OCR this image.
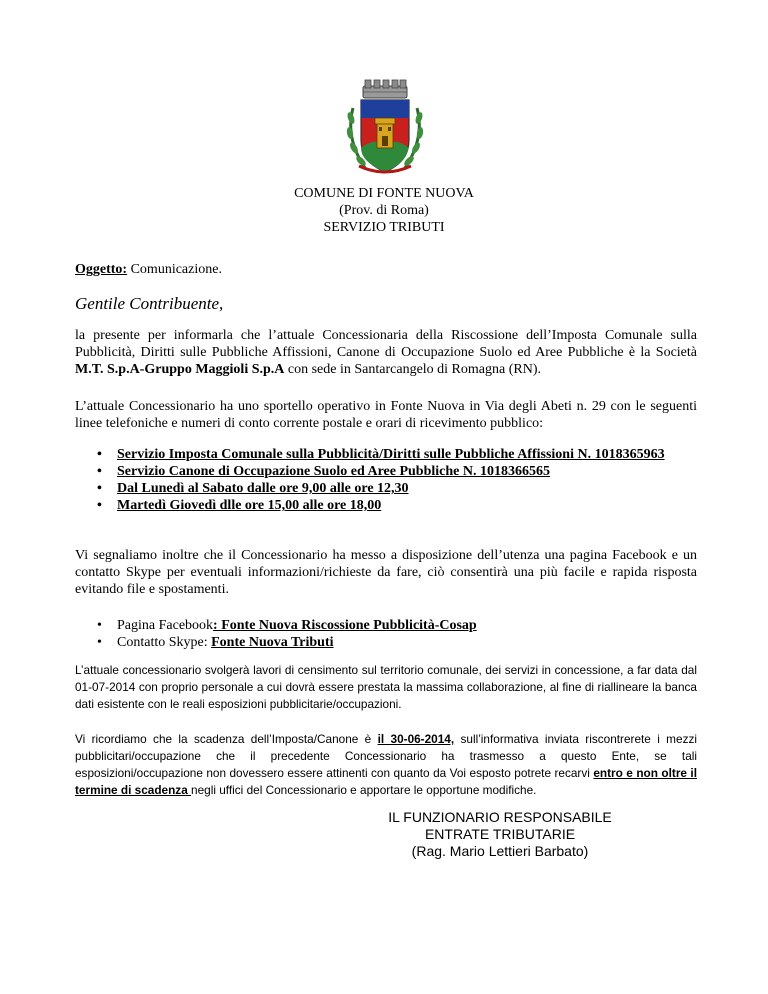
COMUNE DI FONTE NUOVA
(Prov. di Roma)
SERVIZIO TRIBUTI
Oggetto: Comunicazione.
Gentile Contribuente,
la presente per informarla che l’attuale Concessionaria della Riscossione dell’Imposta Comunale sulla Pubblicità, Diritti sulle Pubbliche Affissioni, Canone di Occupazione Suolo ed Aree Pubbliche è la Società M.T. S.p.A-Gruppo Maggioli S.p.A con sede in Santarcangelo di Romagna (RN).
L’attuale Concessionario ha uno sportello operativo in Fonte Nuova in Via degli Abeti n. 29 con le seguenti linee telefoniche e numeri di conto corrente postale e orari di ricevimento pubblico:
• Servizio Imposta Comunale sulla Pubblicità/Diritti sulle Pubbliche Affissioni N. 1018365963
• Servizio Canone di Occupazione Suolo ed Aree Pubbliche N. 1018366565
• Dal Lunedì al Sabato dalle ore 9,00 alle ore 12,30
• Martedì Giovedì dlle ore 15,00 alle ore 18,00
Vi segnaliamo inoltre che il Concessionario ha messo a disposizione dell’utenza una pagina Facebook e un contatto Skype per eventuali informazioni/richieste da fare, ciò consentirà una più facile e rapida risposta evitando file e spostamenti.
• Pagina Facebook: Fonte Nuova Riscossione Pubblicità-Cosap
• Contatto Skype: Fonte Nuova Tributi
L’attuale concessionario svolgerà lavori di censimento sul territorio comunale, dei servizi in concessione, a far data dal 01-07-2014 con proprio personale a cui dovrà essere prestata la massima collaborazione, al fine di riallineare la banca dati esistente con le reali esposizioni pubblicitarie/occupazioni.
Vi ricordiamo che la scadenza dell’Imposta/Canone è il 30-06-2014, sull’informativa inviata riscontrerete i mezzi pubblicitari/occupazione che il precedente Concessionario ha trasmesso a questo Ente, se tali esposizioni/occupazione non dovessero essere attinenti con quanto da Voi esposto potrete recarvi entro e non oltre il termine di scadenza negli uffici del Concessionario e apportare le opportune modifiche.
IL FUNZIONARIO RESPONSABILE
ENTRATE TRIBUTARIE
(Rag. Mario Lettieri Barbato)
